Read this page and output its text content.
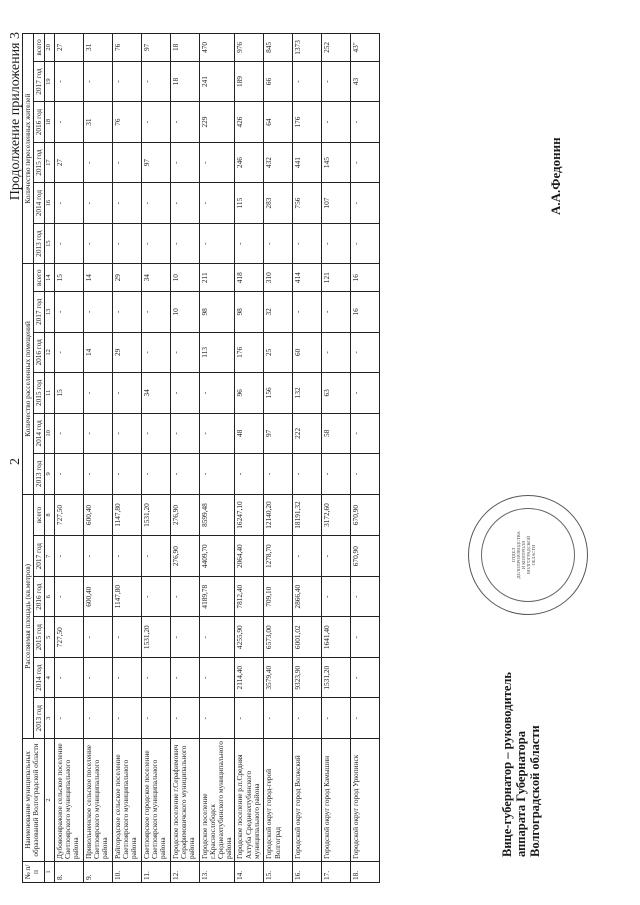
2
Продолжение приложения 3
№ п/п	Наименование муниципальных образований Волгоградской области	Расселяемая площадь (кв.метров)						Количество расселенных помещений						Количество переселенных жителей					
		2013 год	2014 год	2015 год	2016 год	2017 год	всего	2013 год	2014 год	2015 год	2016 год	2017 год	всего	2013 год	2014 год	2015 год	2016 год	2017 год	всего
1	2	3	4	5	6	7	8	9	10	11	12	13	14	15	16	17	18	19	20
8.	Дубовоовражное сельское поселение Светлоярского муниципального района	-	-	727,50	-	-	727,50	-	-	15	-	-	15	-	-	27	-	-	27
9.	Привольненское сельское поселение Светлоярского муниципального района	-	-	-	600,40	-	600,40	-	-	-	14	-	14	-	-	-	31	-	31
10.	Райгородское сельское поселение Светлоярского муниципального района	-	-	-	1147,80	-	1147,80	-	-	-	29	-	29	-	-	-	76	-	76
11.	Светлоярское городское поселение Светлоярского муниципального района	-	-	1531,20	-	-	1531,20	-	-	34	-	-	34	-	-	97	-	-	97
12.	Городское поселение г.Серафимович Серафимовичского муниципального района	-	-	-	-	276,90	276,90	-	-	-	-	10	10	-	-	-	-	18	18
13.	Городское поселение г.Краснослободск Среднеахтубинского муниципального района	-	-	-	4189,78	4409,70	8599,48	-	-	-	113	98	211	-	-	-	229	241	470
14.	Городское поселение р.п.Средняя Ахтуба Среднеахтубинского муниципального района	-	2114,40	4255,90	7812,40	2064,40	16247,10	-	48	96	176	98	418	-	115	246	426	189	976
15.	Городской округ город-герой Волгоград	-	3579,40	6573,00	709,10	1278,70	12140,20	-	97	156	25	32	310	-	283	432	64	66	845
16.	Городской округ город Волжский	-	9323,90	6001,02	2866,40	-	18191,32	-	222	132	60	-	414	-	756	441	176	-	1373
17.	Городской округ город Камышин	-	1531,20	1641,40	-	-	3172,60	-	58	63	-	-	121	-	107	145	-	-	252
18.	Городской округ город Урюпинск	-	-	-	-	670,90	670,90	-	-	-	-	16	16	-	-	-	-	43	43"
ОТДЕЛ ДЕЛОПРОИЗВОДСТВА И КОНТРОЛЯ ВОЛГОГРАДСКОЙ ОБЛАСТИ
Вице-губернатор – руководитель аппарата Губернатора Волгоградской области
А.А.Федонин
